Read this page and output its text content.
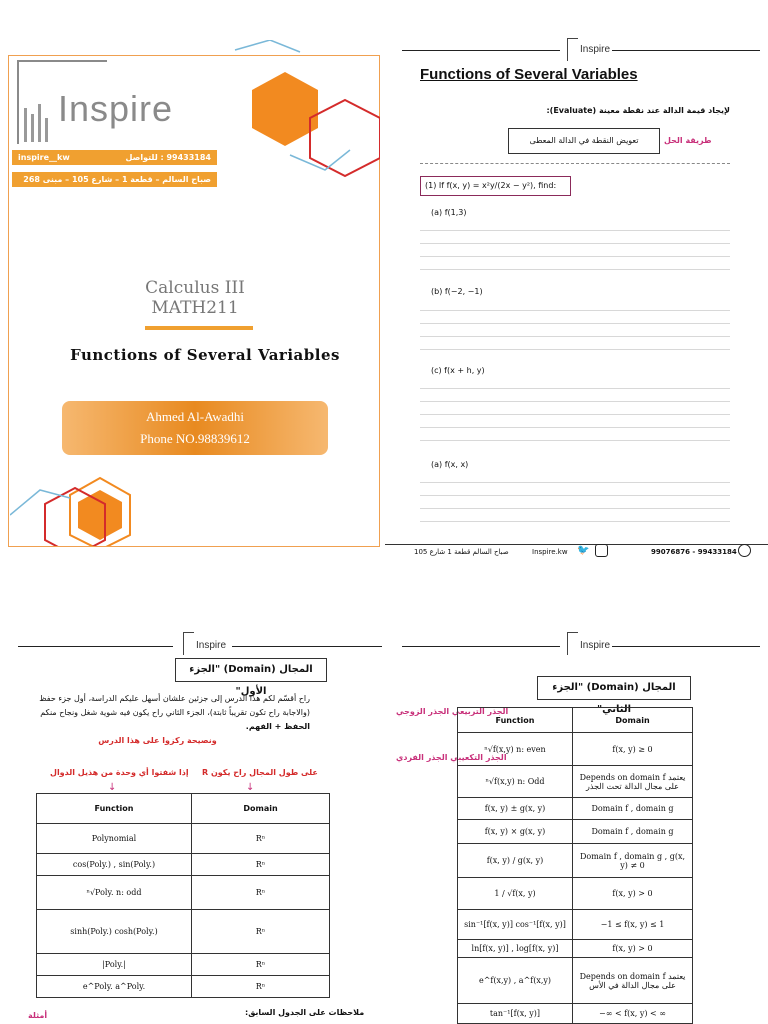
Inspire
99433184 : للتواصل
inspire__kw
صباح السالم – قطعة 1 – شارع 105 – مبنى 268 – الدور الثاني
Calculus III
MATH211
Functions of Several Variables
Ahmed Al-Awadhi
Phone NO.98839612
Inspire
Functions of Several Variables
لإيجاد قيمة الدالة عند نقطة معينة (Evaluate):
تعويض النقطة في الدالة المعطى	طريقة الحل
(1) If f(x, y) = x²y/(2x − y²), find:
(a) f(1,3)
(b) f(−2, −1)
(c) f(x + h, y)
(a) f(x, x)
صباح السالم قطعة 1 شارع 105	Inspire.kw 🐦	99076876 - 99433184
Inspire
المجال (Domain) "الجزء الأول"
راح أقسّم لكم هذا الدرس إلى جزئين علشان أسهل عليكم الدراسة، أول جزء حفظ
(والاجابة راح تكون تقريباً ثابتة)، الجزء الثاني راح يكون فيه شوية شغل ونجاح منكم
الحفظ + الفهم.
ونصيحة ركزوا على هذا الدرس
إذا شفتوا أي وحدة من هذيل الدوال على طول المجال راح يكون R
↓	↓
Function	Domain
Polynomial	Rⁿ
cos(Poly.) , sin(Poly.)	Rⁿ
ⁿ√Poly. n: odd	Rⁿ
sinh(Poly.) cosh(Poly.)	Rⁿ
|Poly.|	Rⁿ
e^Poly. a^Poly.	Rⁿ
ملاحظات على الجدول السابق:
أمثلة
Inspire
المجال (Domain) "الجزء الثاني"
الجذر التربيعي الجذر الزوجي
الجذر التكعيبي الجذر الفردي
Function	Domain
ⁿ√f(x,y) n: even	f(x, y) ≥ 0
ⁿ√f(x,y) n: Odd	Depends on domain f يعتمد على مجال الدالة تحت الجذر
f(x, y) ± g(x, y)	Domain f , domain g
f(x, y) × g(x, y)	Domain f , domain g
f(x, y) / g(x, y)	Domain f , domain g , g(x, y) ≠ 0
1 / √f(x, y)	f(x, y) > 0
sin⁻¹[f(x, y)] cos⁻¹[f(x, y)]	−1 ≤ f(x, y) ≤ 1
ln[f(x, y)] , log[f(x, y)]	f(x, y) > 0
e^f(x,y) , a^f(x,y)	Depends on domain f يعتمد على مجال الدالة في الأس
tan⁻¹[f(x, y)]	−∞ < f(x, y) < ∞
